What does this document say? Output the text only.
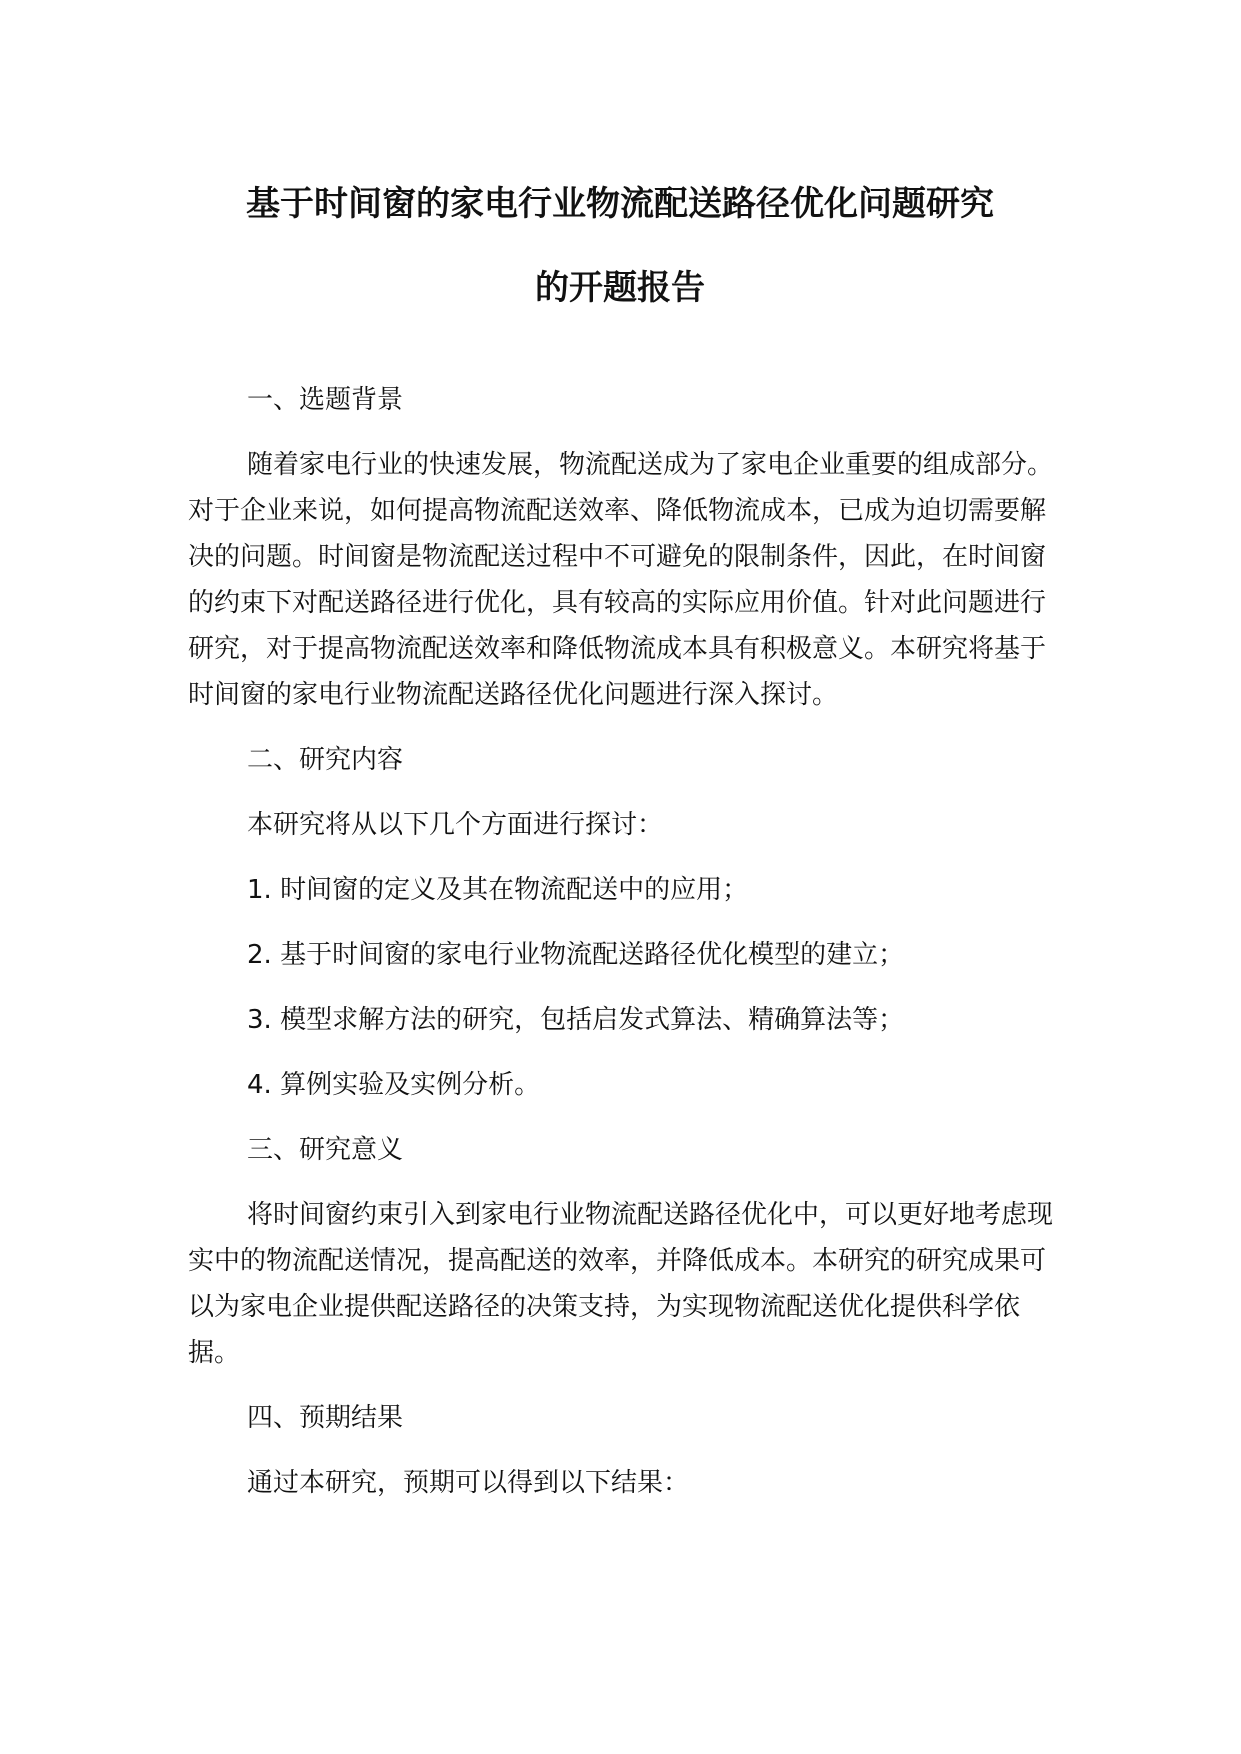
基于时间窗的家电行业物流配送路径优化问题研究
的开题报告

一、选题背景

随着家电行业的快速发展，物流配送成为了家电企业重要的组成部分。对于企业来说，如何提高物流配送效率、降低物流成本，已成为迫切需要解决的问题。时间窗是物流配送过程中不可避免的限制条件，因此，在时间窗的约束下对配送路径进行优化，具有较高的实际应用价值。针对此问题进行研究，对于提高物流配送效率和降低物流成本具有积极意义。本研究将基于时间窗的家电行业物流配送路径优化问题进行深入探讨。

二、研究内容

本研究将从以下几个方面进行探讨：

1. 时间窗的定义及其在物流配送中的应用；

2. 基于时间窗的家电行业物流配送路径优化模型的建立；

3. 模型求解方法的研究，包括启发式算法、精确算法等；

4. 算例实验及实例分析。

三、研究意义

将时间窗约束引入到家电行业物流配送路径优化中，可以更好地考虑现实中的物流配送情况，提高配送的效率，并降低成本。本研究的研究成果可以为家电企业提供配送路径的决策支持，为实现物流配送优化提供科学依据。

四、预期结果

通过本研究，预期可以得到以下结果：
